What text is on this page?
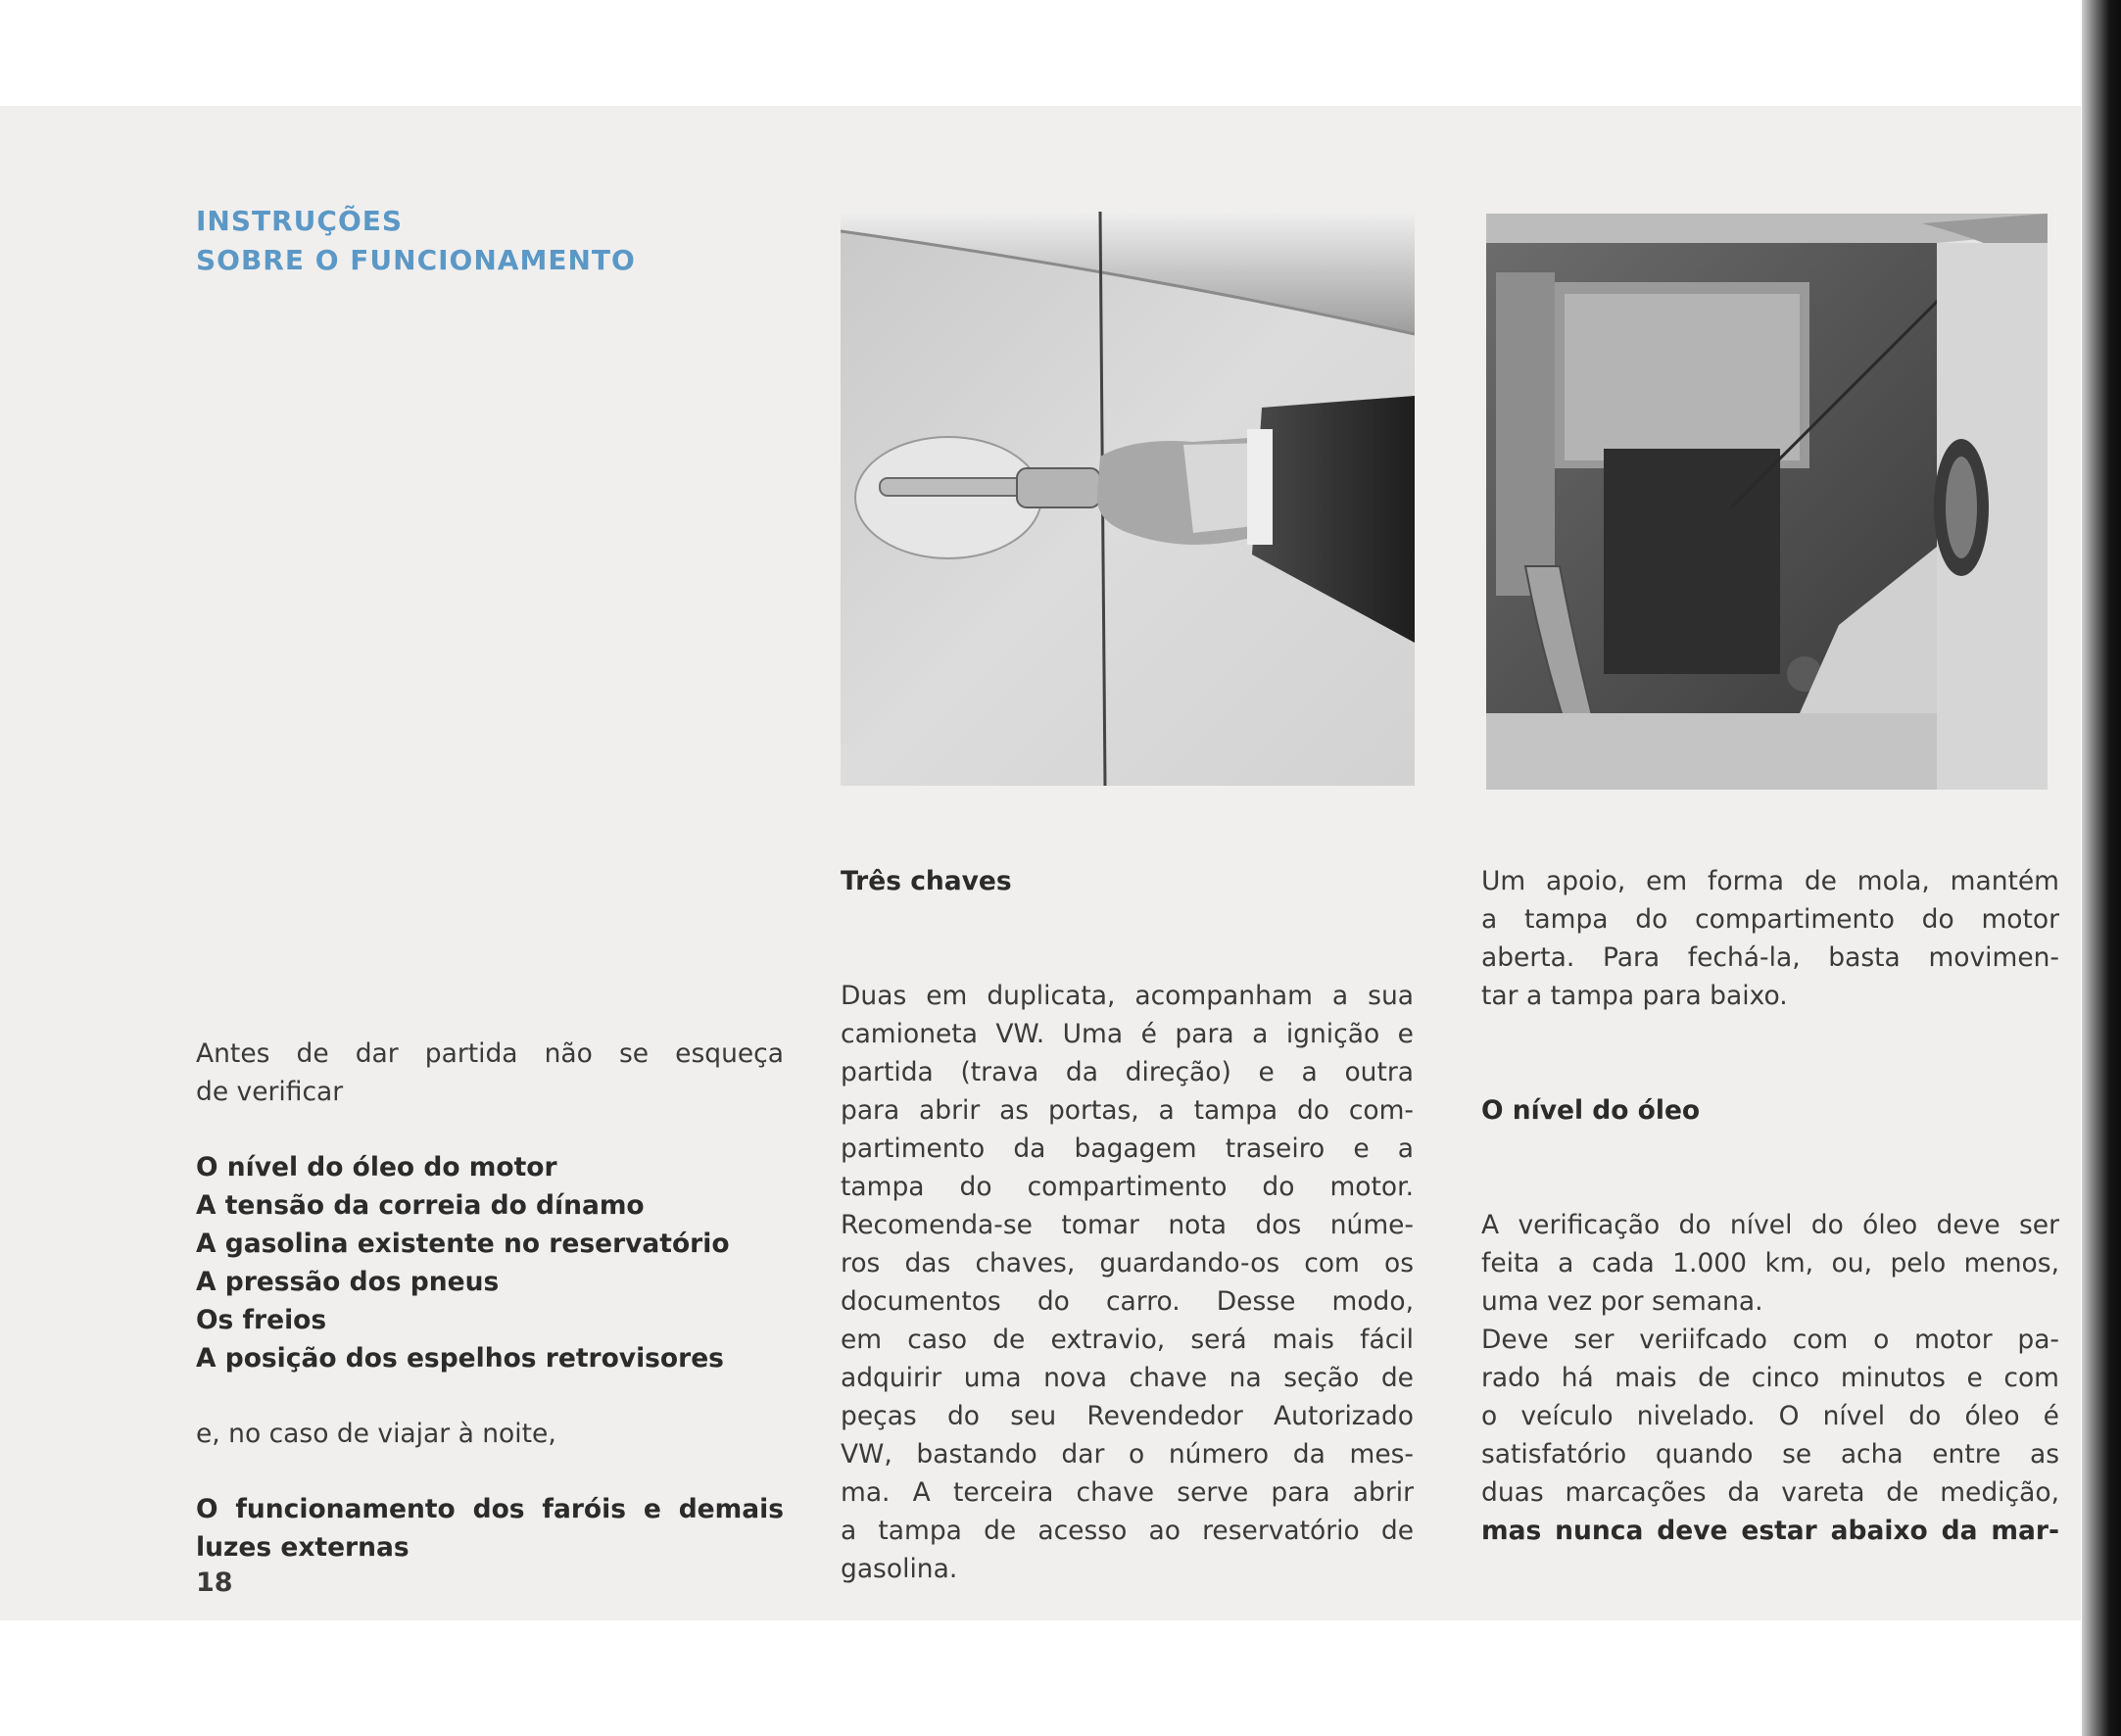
INSTRUÇÕES
SOBRE O FUNCIONAMENTO

Antes de dar partida não se esqueça

de verificar

O nível do óleo do motor

A tensão da correia do dínamo

A gasolina existente no reservatório

A pressão dos pneus

Os freios

A posição dos espelhos retrovisores

e, no caso de viajar à noite,

O funcionamento dos faróis e demais

luzes externas

18

Três chaves

Duas em duplicata, acompanham a sua

camioneta VW. Uma é para a ignição e

partida (trava da direção) e a outra

para abrir as portas, a tampa do com-

partimento da bagagem traseiro e a

tampa do compartimento do motor.

Recomenda-se tomar nota dos núme-

ros das chaves, guardando-os com os

documentos do carro. Desse modo,

em caso de extravio, será mais fácil

adquirir uma nova chave na seção de

peças do seu Revendedor Autorizado

VW, bastando dar o número da mes-

ma. A terceira chave serve para abrir

a tampa de acesso ao reservatório de

gasolina.

Um apoio, em forma de mola, mantém

a tampa do compartimento do motor

aberta. Para fechá-la, basta movimen-

tar a tampa para baixo.

O nível do óleo

A verificação do nível do óleo deve ser

feita a cada 1.000 km, ou, pelo menos,

uma vez por semana.

Deve ser veriifcado com o motor pa-

rado há mais de cinco minutos e com

o veículo nivelado. O nível do óleo é

satisfatório quando se acha entre as

duas marcações da vareta de medição,

mas nunca deve estar abaixo da mar-
